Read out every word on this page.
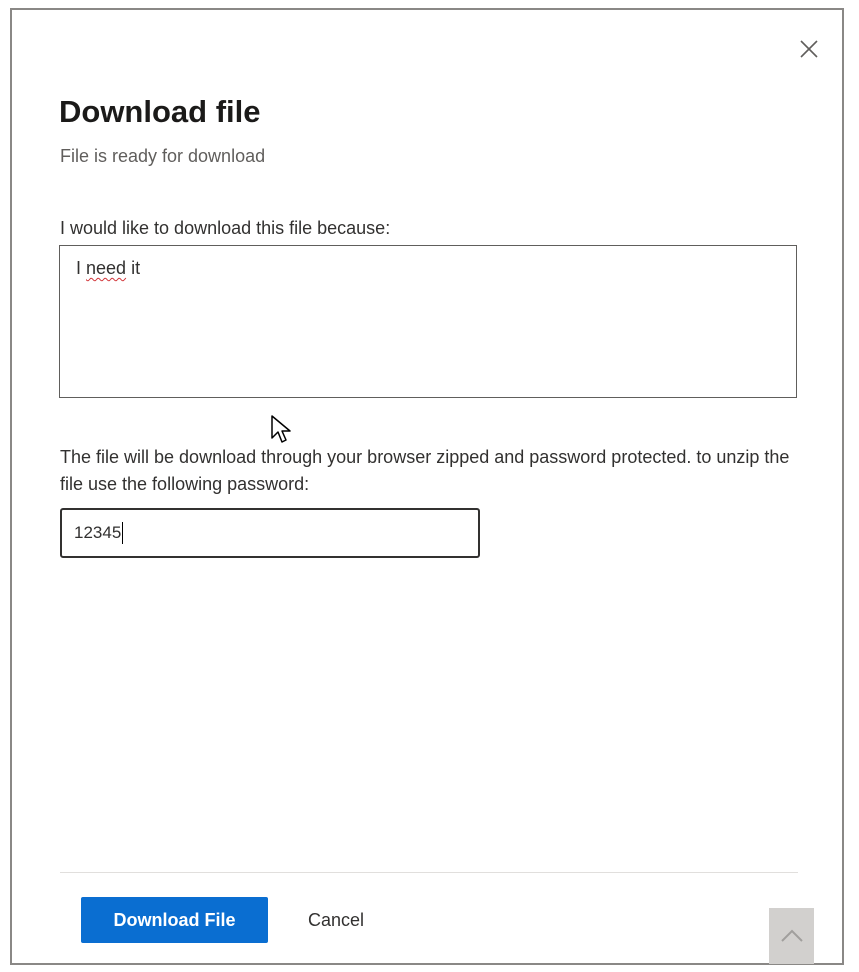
Download file
File is ready for download
I would like to download this file because:
I need it
The file will be download through your browser zipped and password protected. to unzip the file use the following password:
12345
Download File	Cancel
